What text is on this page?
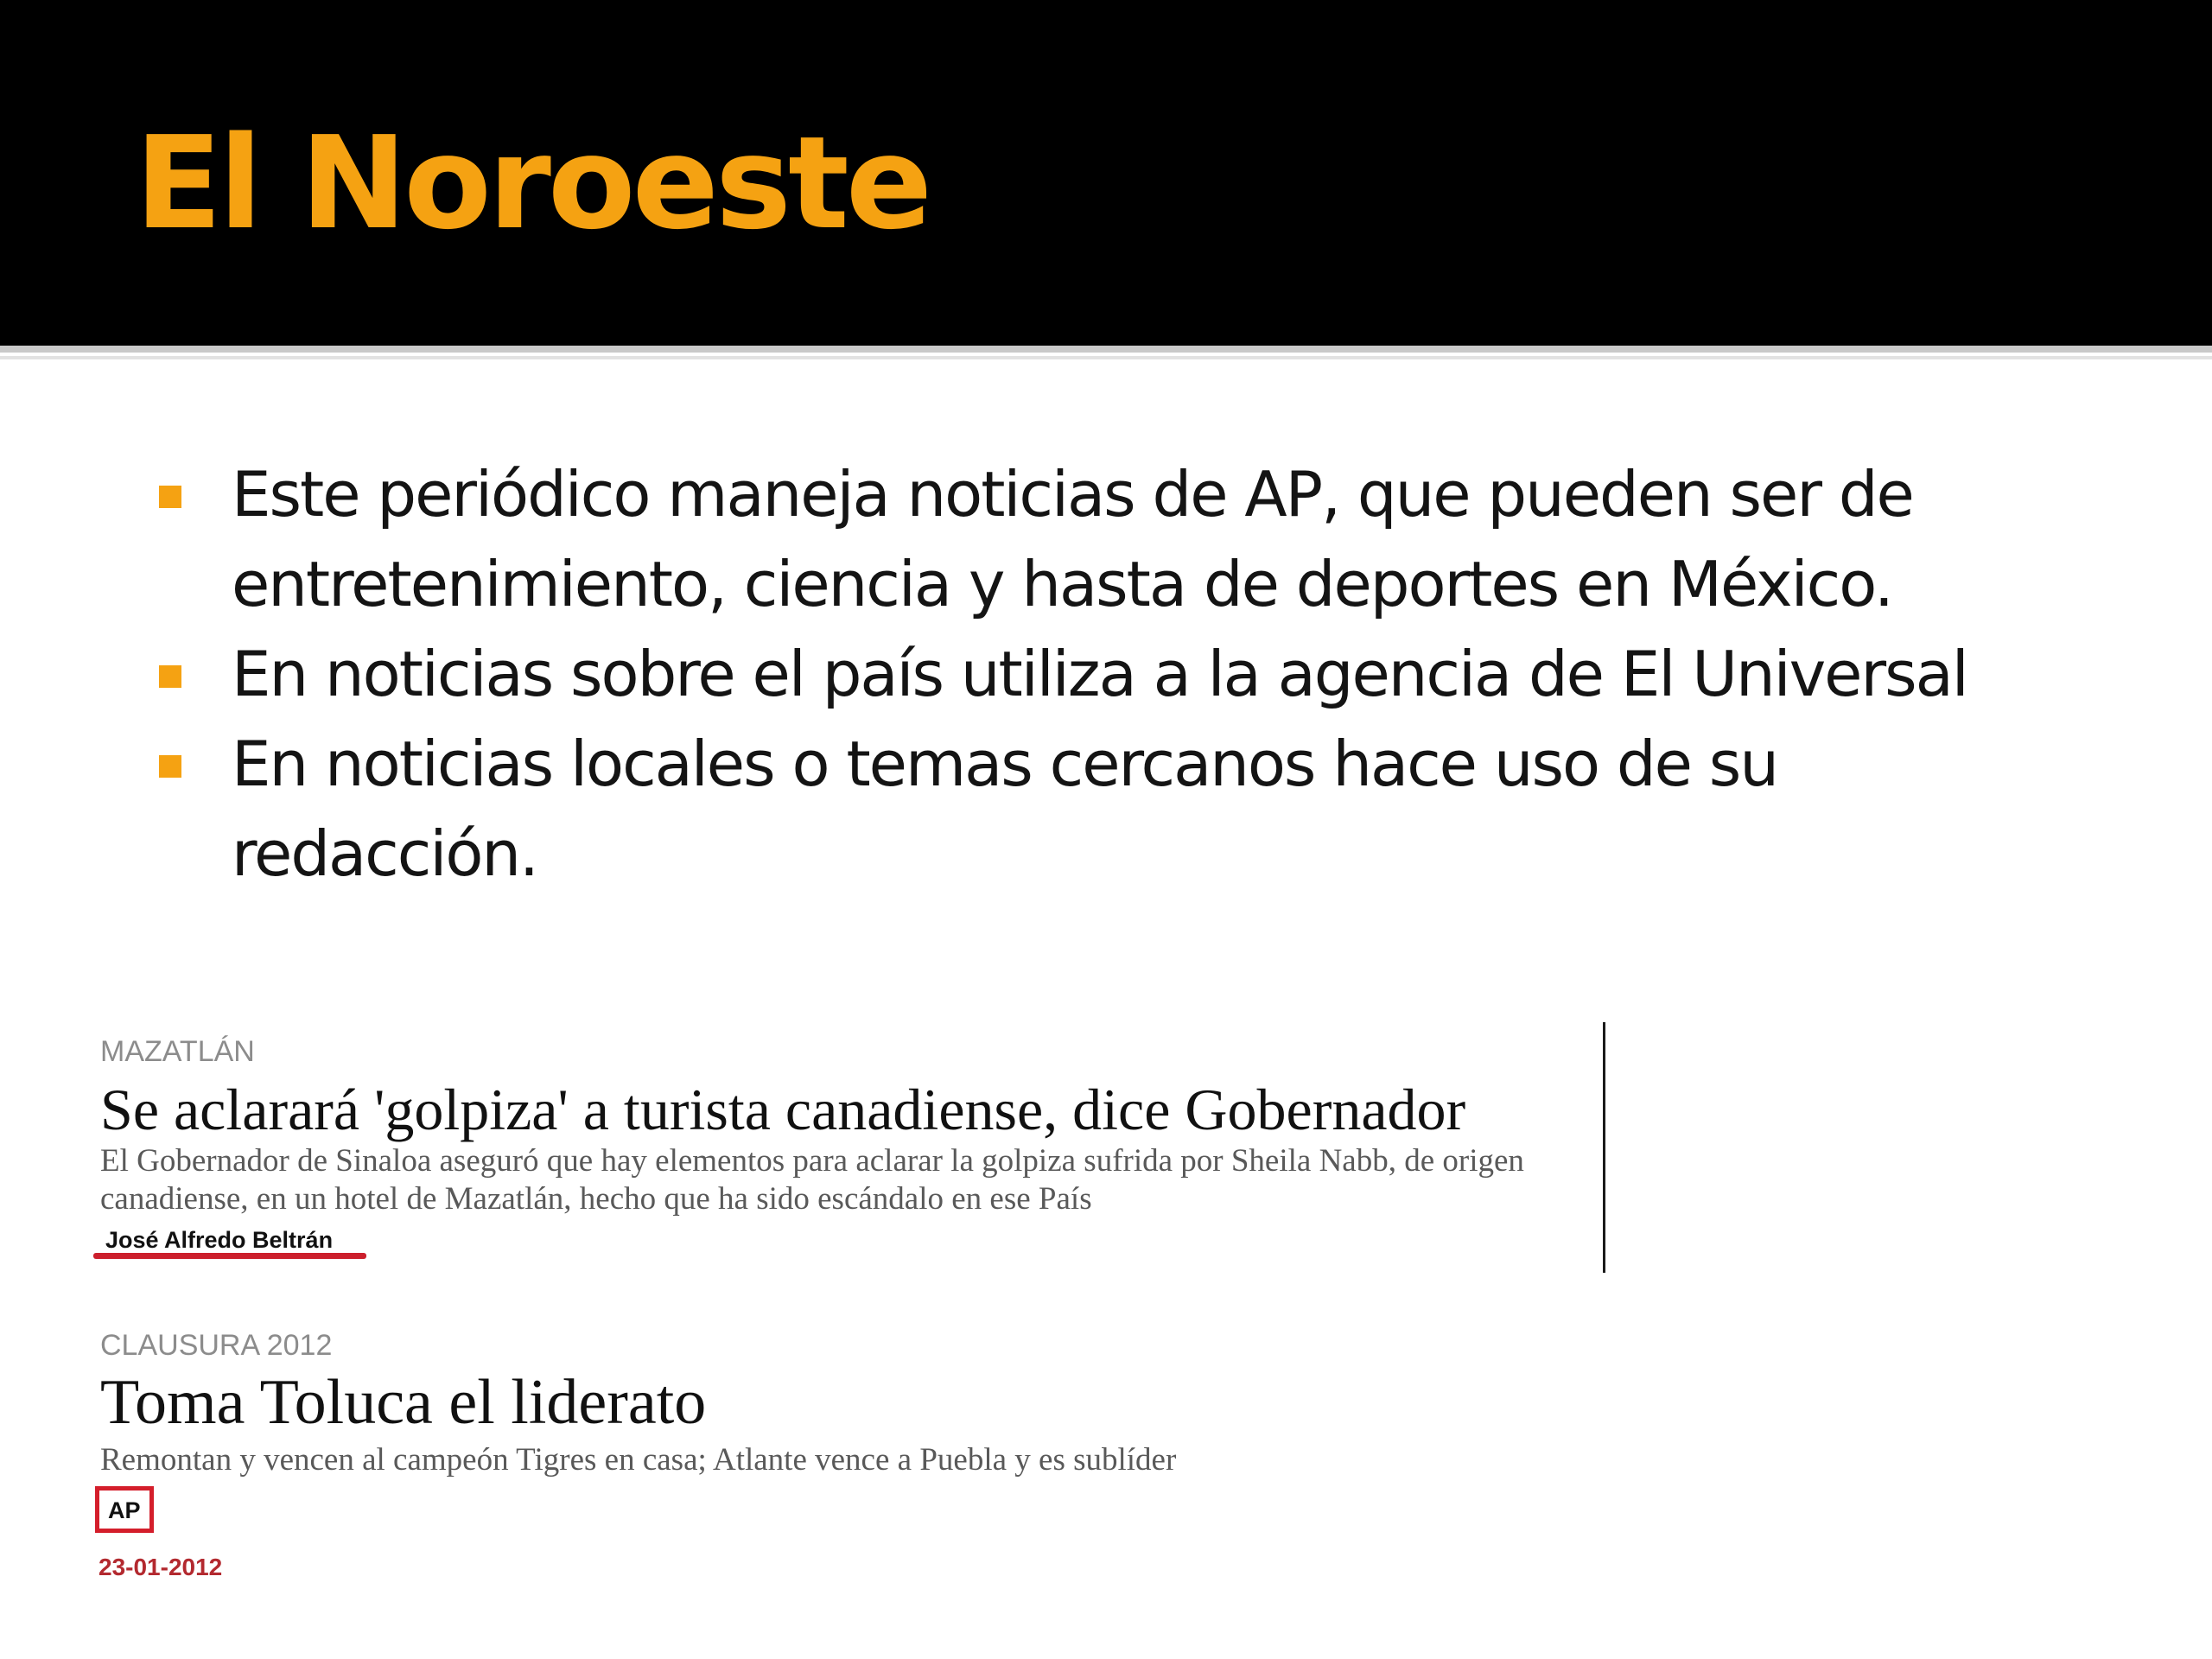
El Noroeste
Este periódico maneja noticias de AP, que pueden ser de entretenimiento, ciencia y hasta de deportes en México.
En noticias sobre el país utiliza a la agencia de El Universal
En noticias locales o temas cercanos hace uso de su redacción.

MAZATLÁN

Se aclarará 'golpiza' a turista canadiense, dice Gobernador

El Gobernador de Sinaloa aseguró que hay elementos para aclarar la golpiza sufrida por Sheila Nabb, de origen canadiense, en un hotel de Mazatlán, hecho que ha sido escándalo en ese País

José Alfredo Beltrán

CLAUSURA 2012

Toma Toluca el liderato

Remontan y vencen al campeón Tigres en casa; Atlante vence a Puebla y es sublíder

AP
23-01-2012
